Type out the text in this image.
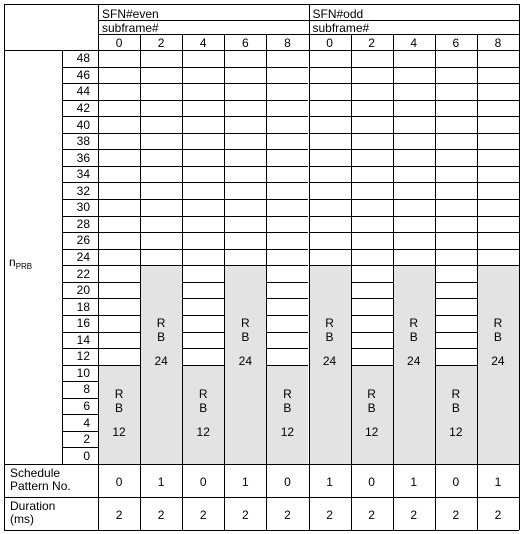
SFN#even
subframe#
0	2	4	6	8
SFN#odd
subframe#
0	2	4	6	8
48
46
44
42
40
38
36
34
32
30
28
26
24
22
20
18
16
14
12
10
8
6
4
2
0
$n_{PRB}$
R
B
12
R
B
24
R
B
12
R
B
24
R
B
12
R
B
24
R
B
12
R
B
24
R
B
12
R
B
24
Schedule
Pattern No.	0	1	0	1	0	1	0	1	0	1
Duration
(ms)	2	2	2	2	2	2	2	2	2	2
